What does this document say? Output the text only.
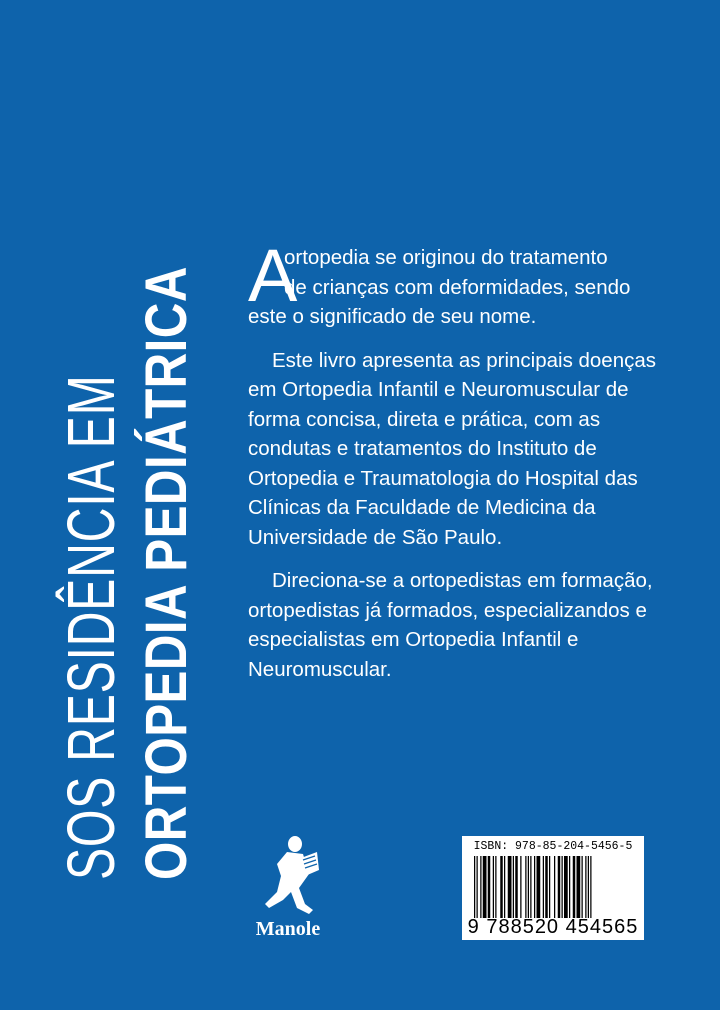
SOS RESIDÊNCIA EM ORTOPEDIA PEDIÁTRICA A
ortopedia se originou do tratamento
de crianças com deformidades, sendo
este o significado de seu nome.

Este livro apresenta as principais doenças em Ortopedia Infantil e Neuromuscular de forma concisa, direta e prática, com as condutas e tratamentos do Instituto de Ortopedia e Traumatologia do Hospital das Clínicas da Faculdade de Medicina da Universidade de São Paulo.

Direciona-se a ortopedistas em formação, ortopedistas já formados, especializandos e especialistas em Ortopedia Infantil e Neuromuscular.

Manole
ISBN: 978-85-204-5456-5
9 788520 454565
